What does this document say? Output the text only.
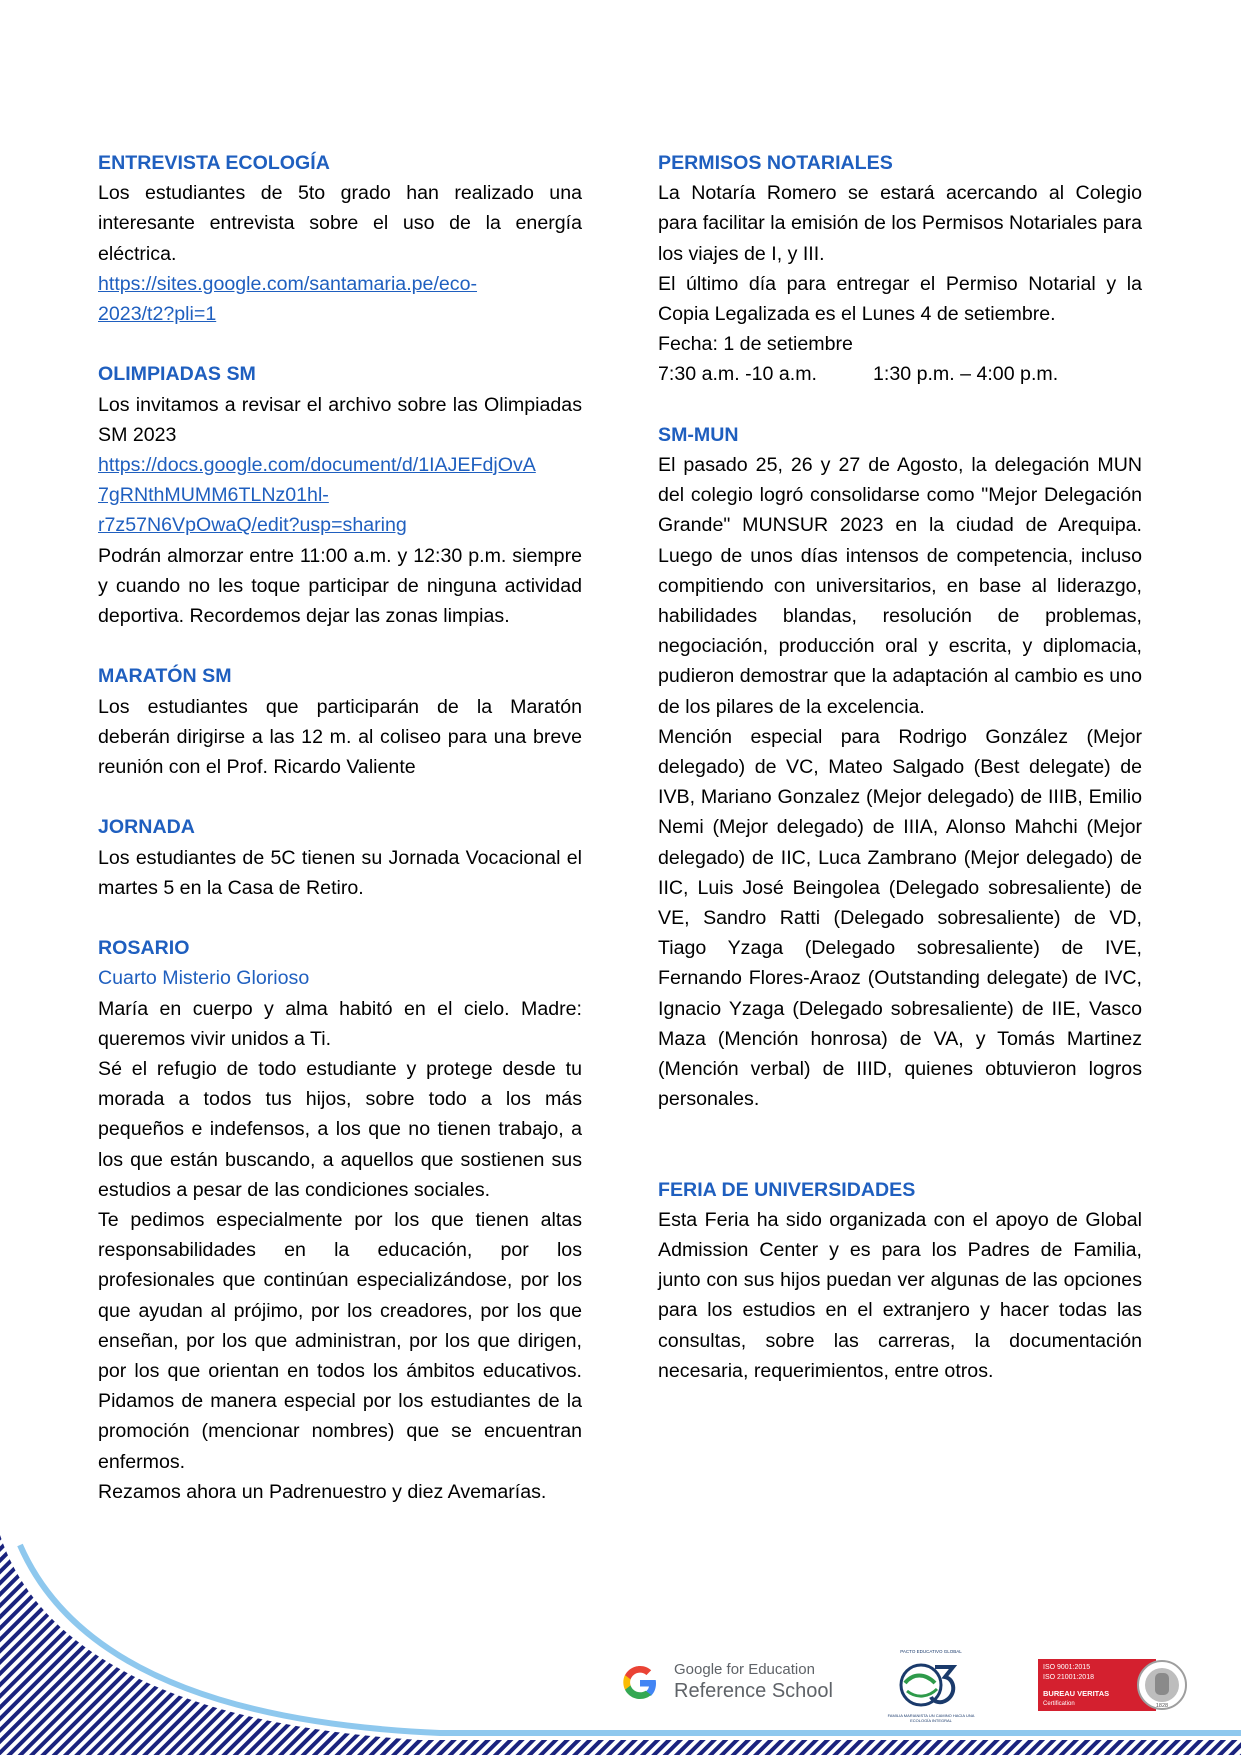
ENTREVISTA ECOLOGÍA

Los estudiantes de 5to grado han realizado una interesante entrevista sobre el uso de la energía eléctrica.

https://sites.google.com/santamaria.pe/eco-
2023/t2?pli=1
OLIMPIADAS SM

Los invitamos a revisar el archivo sobre las Olimpiadas SM 2023

https://docs.google.com/document/d/1IAJEFdjOvA
7gRNthMUMM6TLNz01hl-
r7z57N6VpOwaQ/edit?usp=sharing

Podrán almorzar entre 11:00 a.m. y 12:30 p.m. siempre y cuando no les toque participar de ninguna actividad deportiva. Recordemos dejar las zonas limpias.

MARATÓN SM

Los estudiantes que participarán de la Maratón deberán dirigirse a las 12 m. al coliseo para una breve reunión con el Prof. Ricardo Valiente

JORNADA

Los estudiantes de 5C tienen su Jornada Vocacional el martes 5 en la Casa de Retiro.

ROSARIO
Cuarto Misterio Glorioso

María en cuerpo y alma habitó en el cielo. Madre: queremos vivir unidos a Ti.

Sé el refugio de todo estudiante y protege desde tu morada a todos tus hijos, sobre todo a los más pequeños e indefensos, a los que no tienen trabajo, a los que están buscando, a aquellos que sostienen sus estudios a pesar de las condiciones sociales.

Te pedimos especialmente por los que tienen altas responsabilidades en la educación, por los profesionales que continúan especializándose, por los que ayudan al prójimo, por los creadores, por los que enseñan, por los que administran, por los que dirigen, por los que orientan en todos los ámbitos educativos. Pidamos de manera especial por los estudiantes de la promoción (mencionar nombres) que se encuentran enfermos.

Rezamos ahora un Padrenuestro y diez Avemarías.

PERMISOS NOTARIALES

La Notaría Romero se estará acercando al Colegio para facilitar la emisión de los Permisos Notariales para los viajes de I, y III.

El último día para entregar el Permiso Notarial y la Copia Legalizada es el Lunes 4 de setiembre.

Fecha: 1 de setiembre

7:30 a.m. -10 a.m.	1:30 p.m. – 4:00 p.m.
SM-MUN

El pasado 25, 26 y 27 de Agosto, la delegación MUN del colegio logró consolidarse como "Mejor Delegación Grande" MUNSUR 2023 en la ciudad de Arequipa. Luego de unos días intensos de competencia, incluso compitiendo con universitarios, en base al liderazgo, habilidades blandas, resolución de problemas, negociación, producción oral y escrita, y diplomacia, pudieron demostrar que la adaptación al cambio es uno de los pilares de la excelencia.

Mención especial para Rodrigo González (Mejor delegado) de VC, Mateo Salgado (Best delegate) de IVB, Mariano Gonzalez (Mejor delegado) de IIIB, Emilio Nemi (Mejor delegado) de IIIA, Alonso Mahchi (Mejor delegado) de IIC, Luca Zambrano (Mejor delegado) de IIC, Luis José Beingolea (Delegado sobresaliente) de VE, Sandro Ratti (Delegado sobresaliente) de VD, Tiago Yzaga (Delegado sobresaliente) de IVE, Fernando Flores-Araoz (Outstanding delegate) de IVC, Ignacio Yzaga (Delegado sobresaliente) de IIE, Vasco Maza (Mención honrosa) de VA, y Tomás Martinez (Mención verbal) de IIID, quienes obtuvieron logros personales.

FERIA DE UNIVERSIDADES

Esta Feria ha sido organizada con el apoyo de Global Admission Center y es para los Padres de Familia, junto con sus hijos puedan ver algunas de las opciones para los estudios en el extranjero y hacer todas las consultas, sobre las carreras, la documentación necesaria, requerimientos, entre otros.

Google for Education
Reference School
PACTO EDUCATIVO GLOBAL
FAMILIA MARIANISTA UN CAMINO HACIA UNA ECOLOGÍA INTEGRAL
ISO 9001:2015
ISO 21001:2018
BUREAU VERITAS
Certification	1828
